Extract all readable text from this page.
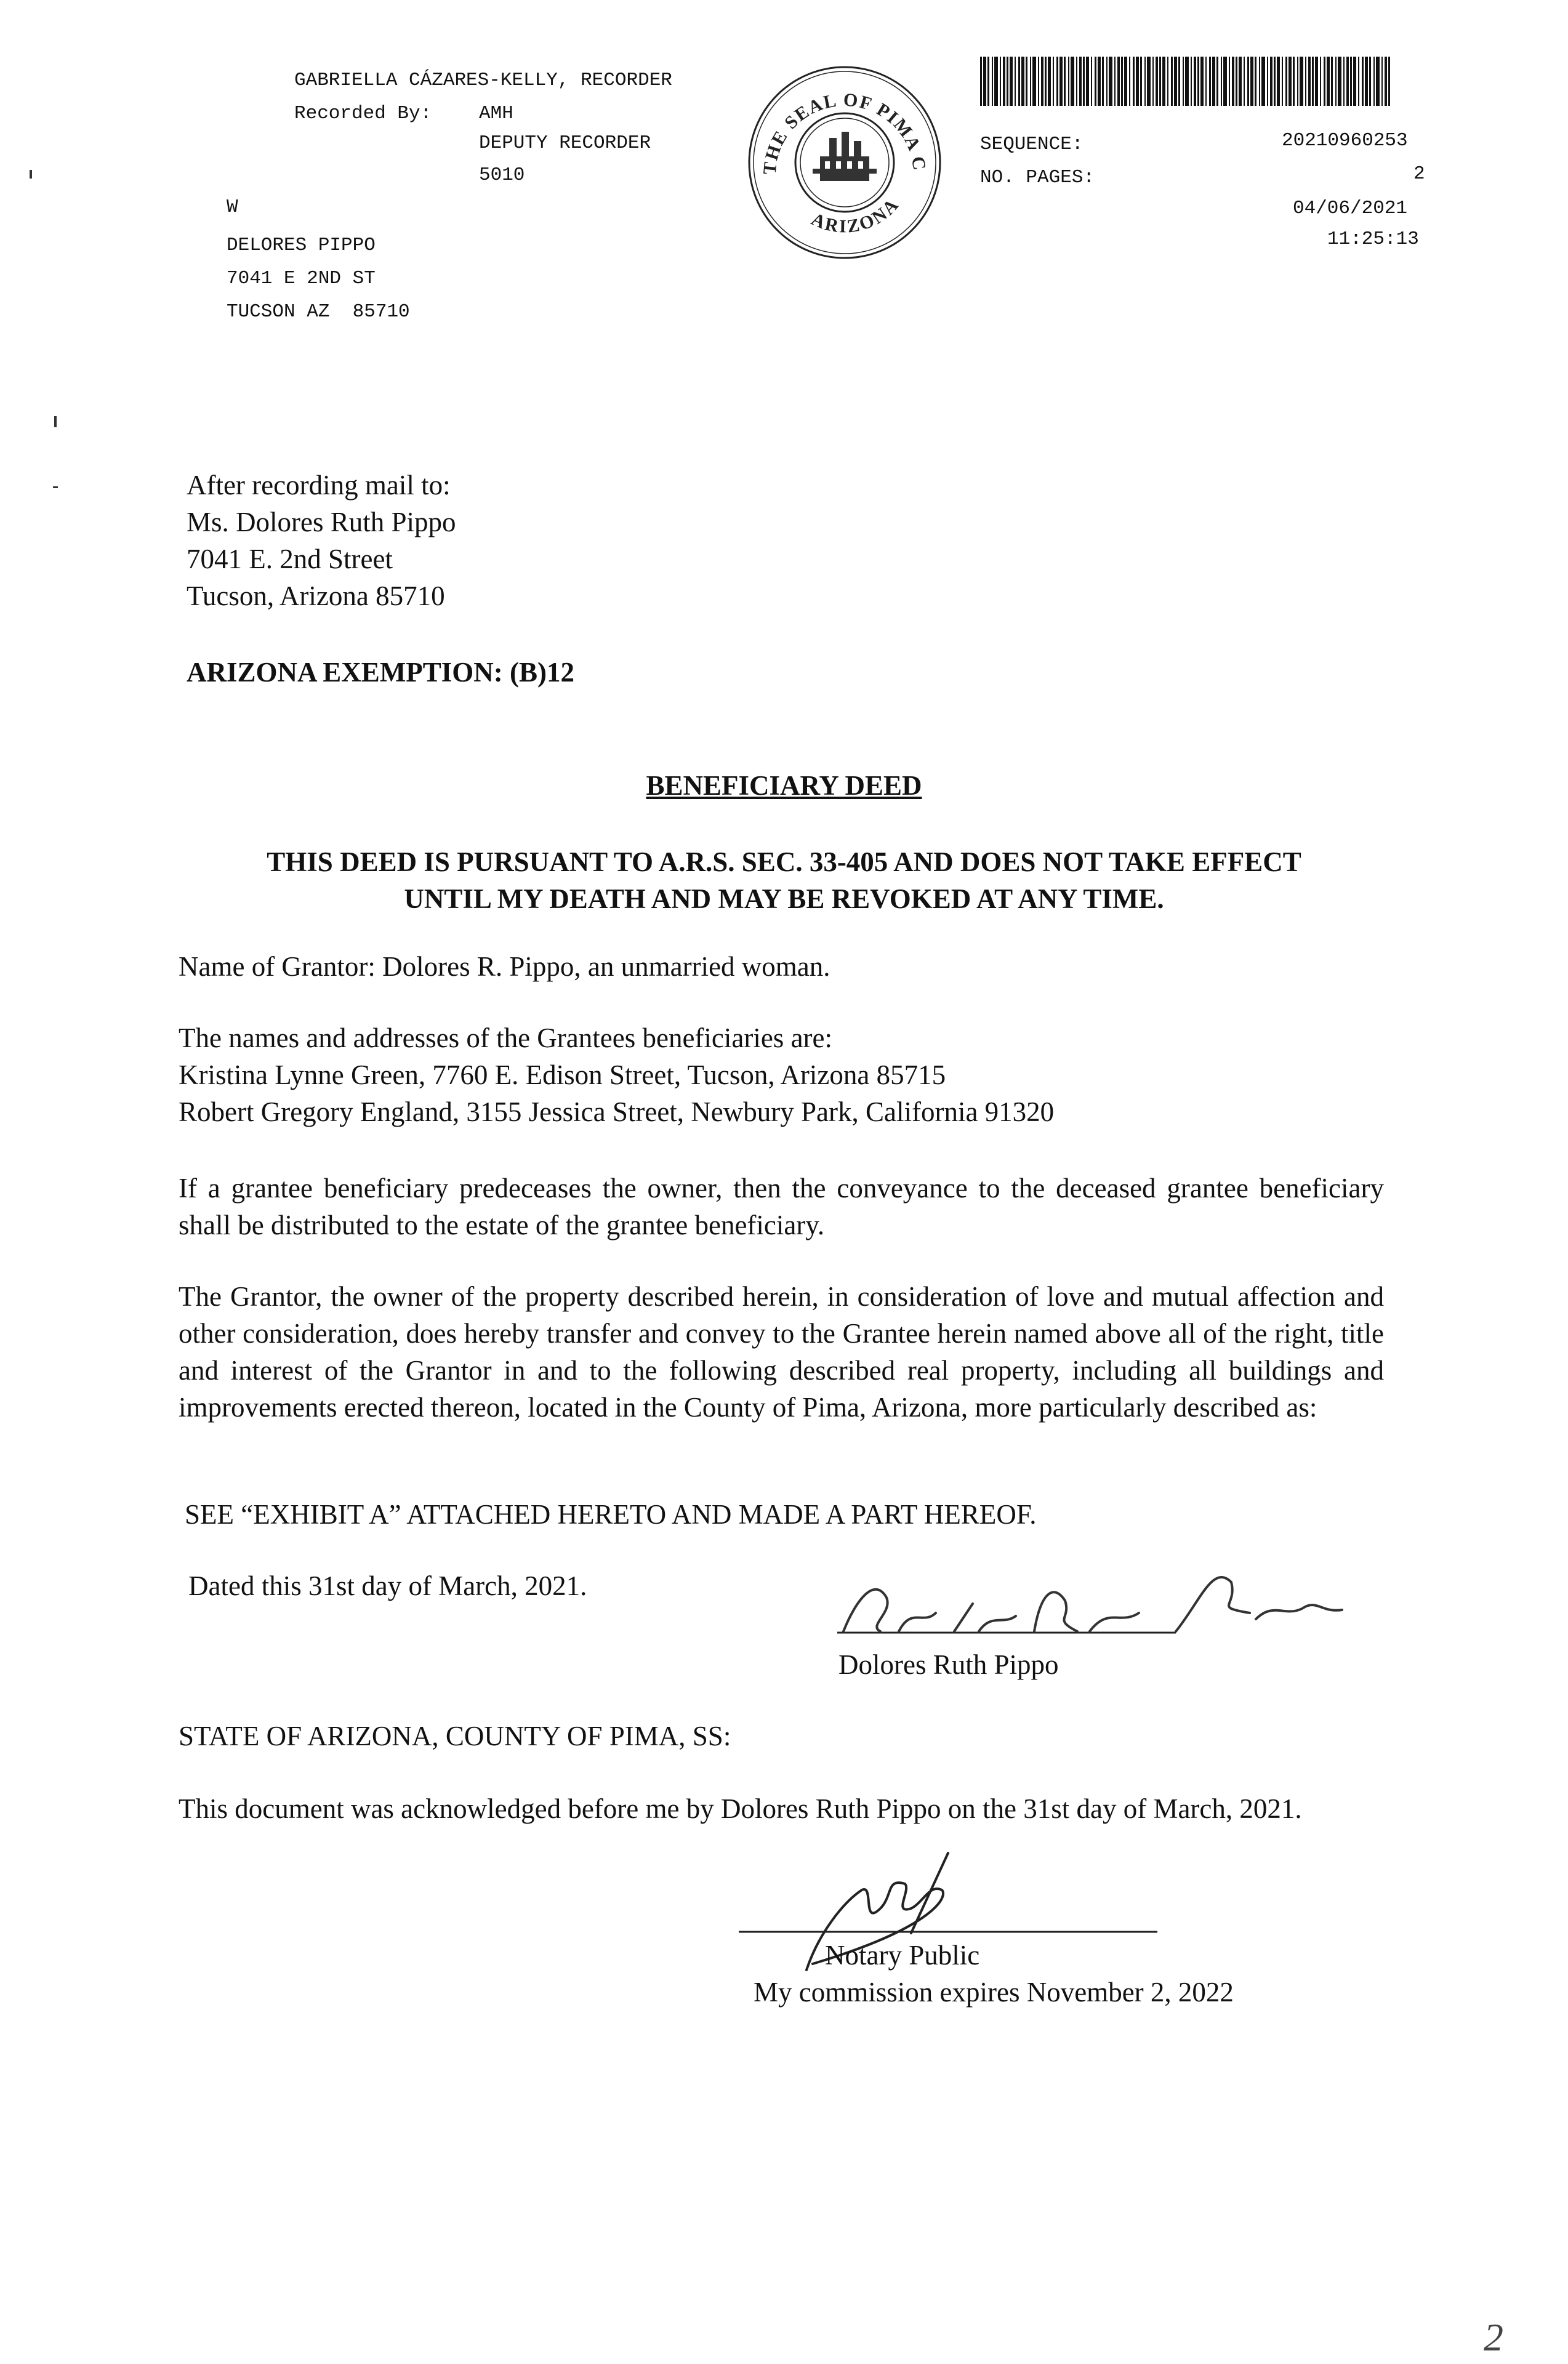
GABRIELLA CÁZARES-KELLY, RECORDER
Recorded By: AMH
DEPUTY RECORDER
5010
W
DELORES PIPPO
7041 E 2ND ST
TUCSON AZ  85710
THE SEAL OF PIMA C
ARIZONA
SEQUENCE:	20210960253
NO. PAGES:	2
04/06/2021
11:25:13
After recording mail to:
Ms. Dolores Ruth Pippo
7041 E. 2nd Street
Tucson, Arizona 85710
ARIZONA EXEMPTION: (B)12
BENEFICIARY DEED
THIS DEED IS PURSUANT TO A.R.S. SEC. 33-405 AND DOES NOT TAKE EFFECT
UNTIL MY DEATH AND MAY BE REVOKED AT ANY TIME.
Name of Grantor: Dolores R. Pippo, an unmarried woman.
The names and addresses of the Grantees beneficiaries are:
Kristina Lynne Green, 7760 E. Edison Street, Tucson, Arizona 85715
Robert Gregory England, 3155 Jessica Street, Newbury Park, California 91320
If a grantee beneficiary predeceases the owner, then the conveyance to the deceased grantee beneficiary shall be distributed to the estate of the grantee beneficiary.
The Grantor, the owner of the property described herein, in consideration of love and mutual affection and other consideration, does hereby transfer and convey to the Grantee herein named above all of the right, title and interest of the Grantor in and to the following described real property, including all buildings and improvements erected thereon, located in the County of Pima, Arizona, more particularly described as:
SEE “EXHIBIT A” ATTACHED HERETO AND MADE A PART HEREOF.
Dated this 31st day of March, 2021.
Dolores Ruth Pippo
STATE OF ARIZONA, COUNTY OF PIMA, SS:
This document was acknowledged before me by Dolores Ruth Pippo on the 31st day of March, 2021.
Notary Public
My commission expires November 2, 2022
2
